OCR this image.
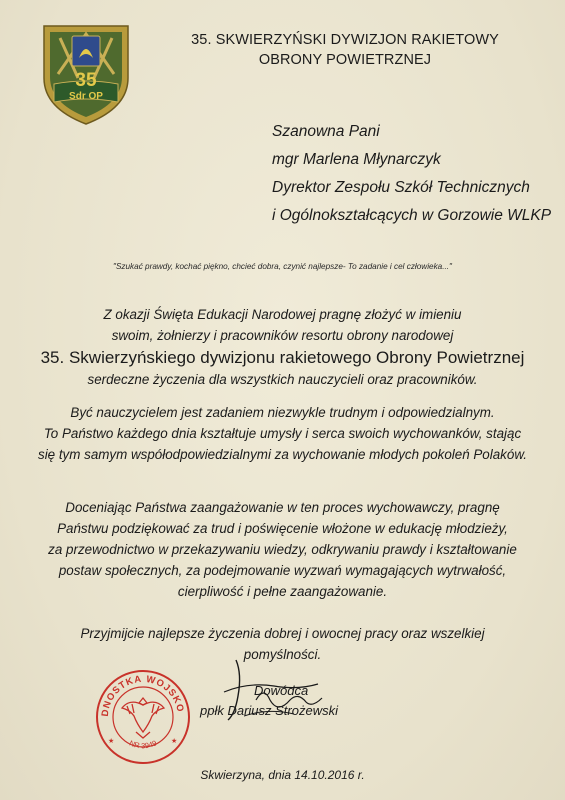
35
Sdr OP
35. SKWIERZYŃSKI DYWIZJON RAKIETOWY
OBRONY POWIETRZNEJ
Szanowna Pani
mgr Marlena Młynarczyk
Dyrektor Zespołu Szkół Technicznych
i Ogólnokształcących w Gorzowie WLKP
"Szukać prawdy, kochać piękno, chcieć dobra, czynić najlepsze- To zadanie i cel człowieka..."
Z okazji Święta Edukacji Narodowej pragnę złożyć w imieniu
swoim, żołnierzy i pracowników resortu obrony narodowej
35. Skwierzyńskiego dywizjonu rakietowego Obrony Powietrznej
serdeczne życzenia dla wszystkich nauczycieli oraz pracowników.
Być nauczycielem jest zadaniem niezwykle trudnym i odpowiedzialnym.
To Państwo każdego dnia kształtuje umysły i serca swoich wychowanków, stając
się tym samym współodpowiedzialnymi za wychowanie młodych pokoleń Polaków.
Doceniając Państwa zaangażowanie w ten proces wychowawczy, pragnę
Państwu podziękować za trud i poświęcenie włożone w edukację młodzieży,
za przewodnictwo w przekazywaniu wiedzy, odkrywaniu prawdy i kształtowanie
postaw społecznych, za podejmowanie wyzwań wymagających wytrwałość,
cierpliwość i pełne zaangażowanie.
Przyjmijcie najlepsze życzenia dobrej i owocnej pracy oraz wszelkiej
pomyślności.
DNOSTKA WOJSKO
NR 3949
★	★
Dowódca
ppłk Dariusz Strożewski
Skwierzyna, dnia 14.10.2016 r.
